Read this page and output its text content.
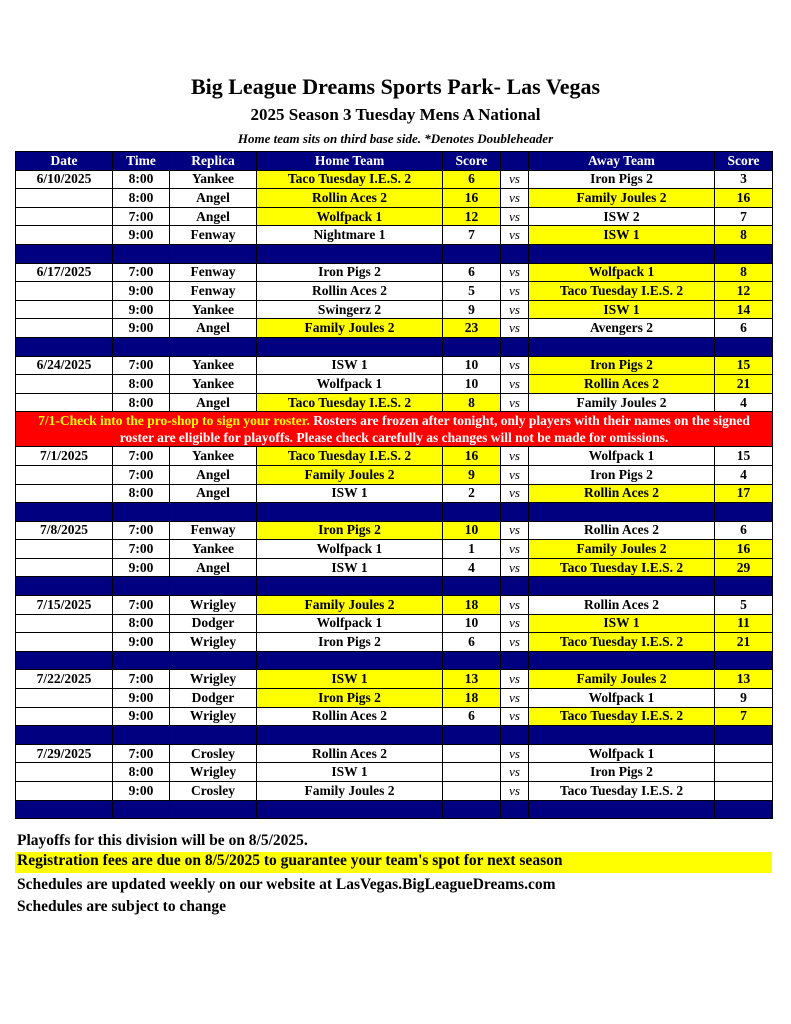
Big League Dreams Sports Park- Las Vegas
2025 Season 3 Tuesday Mens A National
Home team sits on third base side. *Denotes Doubleheader
Date	Time	Replica	Home Team	Score		Away Team	Score
6/10/2025	8:00	Yankee	Taco Tuesday I.E.S. 2	6	vs	Iron Pigs 2	3
	8:00	Angel	Rollin Aces 2	16	vs	Family Joules 2	16
	7:00	Angel	Wolfpack 1	12	vs	ISW 2	7
	9:00	Fenway	Nightmare 1	7	vs	ISW 1	8

6/17/2025	7:00	Fenway	Iron Pigs 2	6	vs	Wolfpack 1	8
	9:00	Fenway	Rollin Aces 2	5	vs	Taco Tuesday I.E.S. 2	12
	9:00	Yankee	Swingerz 2	9	vs	ISW 1	14
	9:00	Angel	Family Joules 2	23	vs	Avengers 2	6

6/24/2025	7:00	Yankee	ISW 1	10	vs	Iron Pigs 2	15
	8:00	Yankee	Wolfpack 1	10	vs	Rollin Aces 2	21
	8:00	Angel	Taco Tuesday I.E.S. 2	8	vs	Family Joules 2	4
7/1-Check into the pro-shop to sign your roster. Rosters are frozen after tonight, only players with their names on the signed roster are eligible for playoffs. Please check carefully as changes will not be made for omissions.							
7/1/2025	7:00	Yankee	Taco Tuesday I.E.S. 2	16	vs	Wolfpack 1	15
	7:00	Angel	Family Joules 2	9	vs	Iron Pigs 2	4
	8:00	Angel	ISW 1	2	vs	Rollin Aces 2	17

7/8/2025	7:00	Fenway	Iron Pigs 2	10	vs	Rollin Aces 2	6
	7:00	Yankee	Wolfpack 1	1	vs	Family Joules 2	16
	9:00	Angel	ISW 1	4	vs	Taco Tuesday I.E.S. 2	29

7/15/2025	7:00	Wrigley	Family Joules 2	18	vs	Rollin Aces 2	5
	8:00	Dodger	Wolfpack 1	10	vs	ISW 1	11
	9:00	Wrigley	Iron Pigs 2	6	vs	Taco Tuesday I.E.S. 2	21

7/22/2025	7:00	Wrigley	ISW 1	13	vs	Family Joules 2	13
	9:00	Dodger	Iron Pigs 2	18	vs	Wolfpack 1	9
	9:00	Wrigley	Rollin Aces 2	6	vs	Taco Tuesday I.E.S. 2	7

7/29/2025	7:00	Crosley	Rollin Aces 2		vs	Wolfpack 1	
	8:00	Wrigley	ISW 1		vs	Iron Pigs 2	
	9:00	Crosley	Family Joules 2		vs	Taco Tuesday I.E.S. 2	

Playoffs for this division will be on 8/5/2025.
Registration fees are due on 8/5/2025 to guarantee your team's spot for next season
Schedules are updated weekly on our website at LasVegas.BigLeagueDreams.com
Schedules are subject to change
